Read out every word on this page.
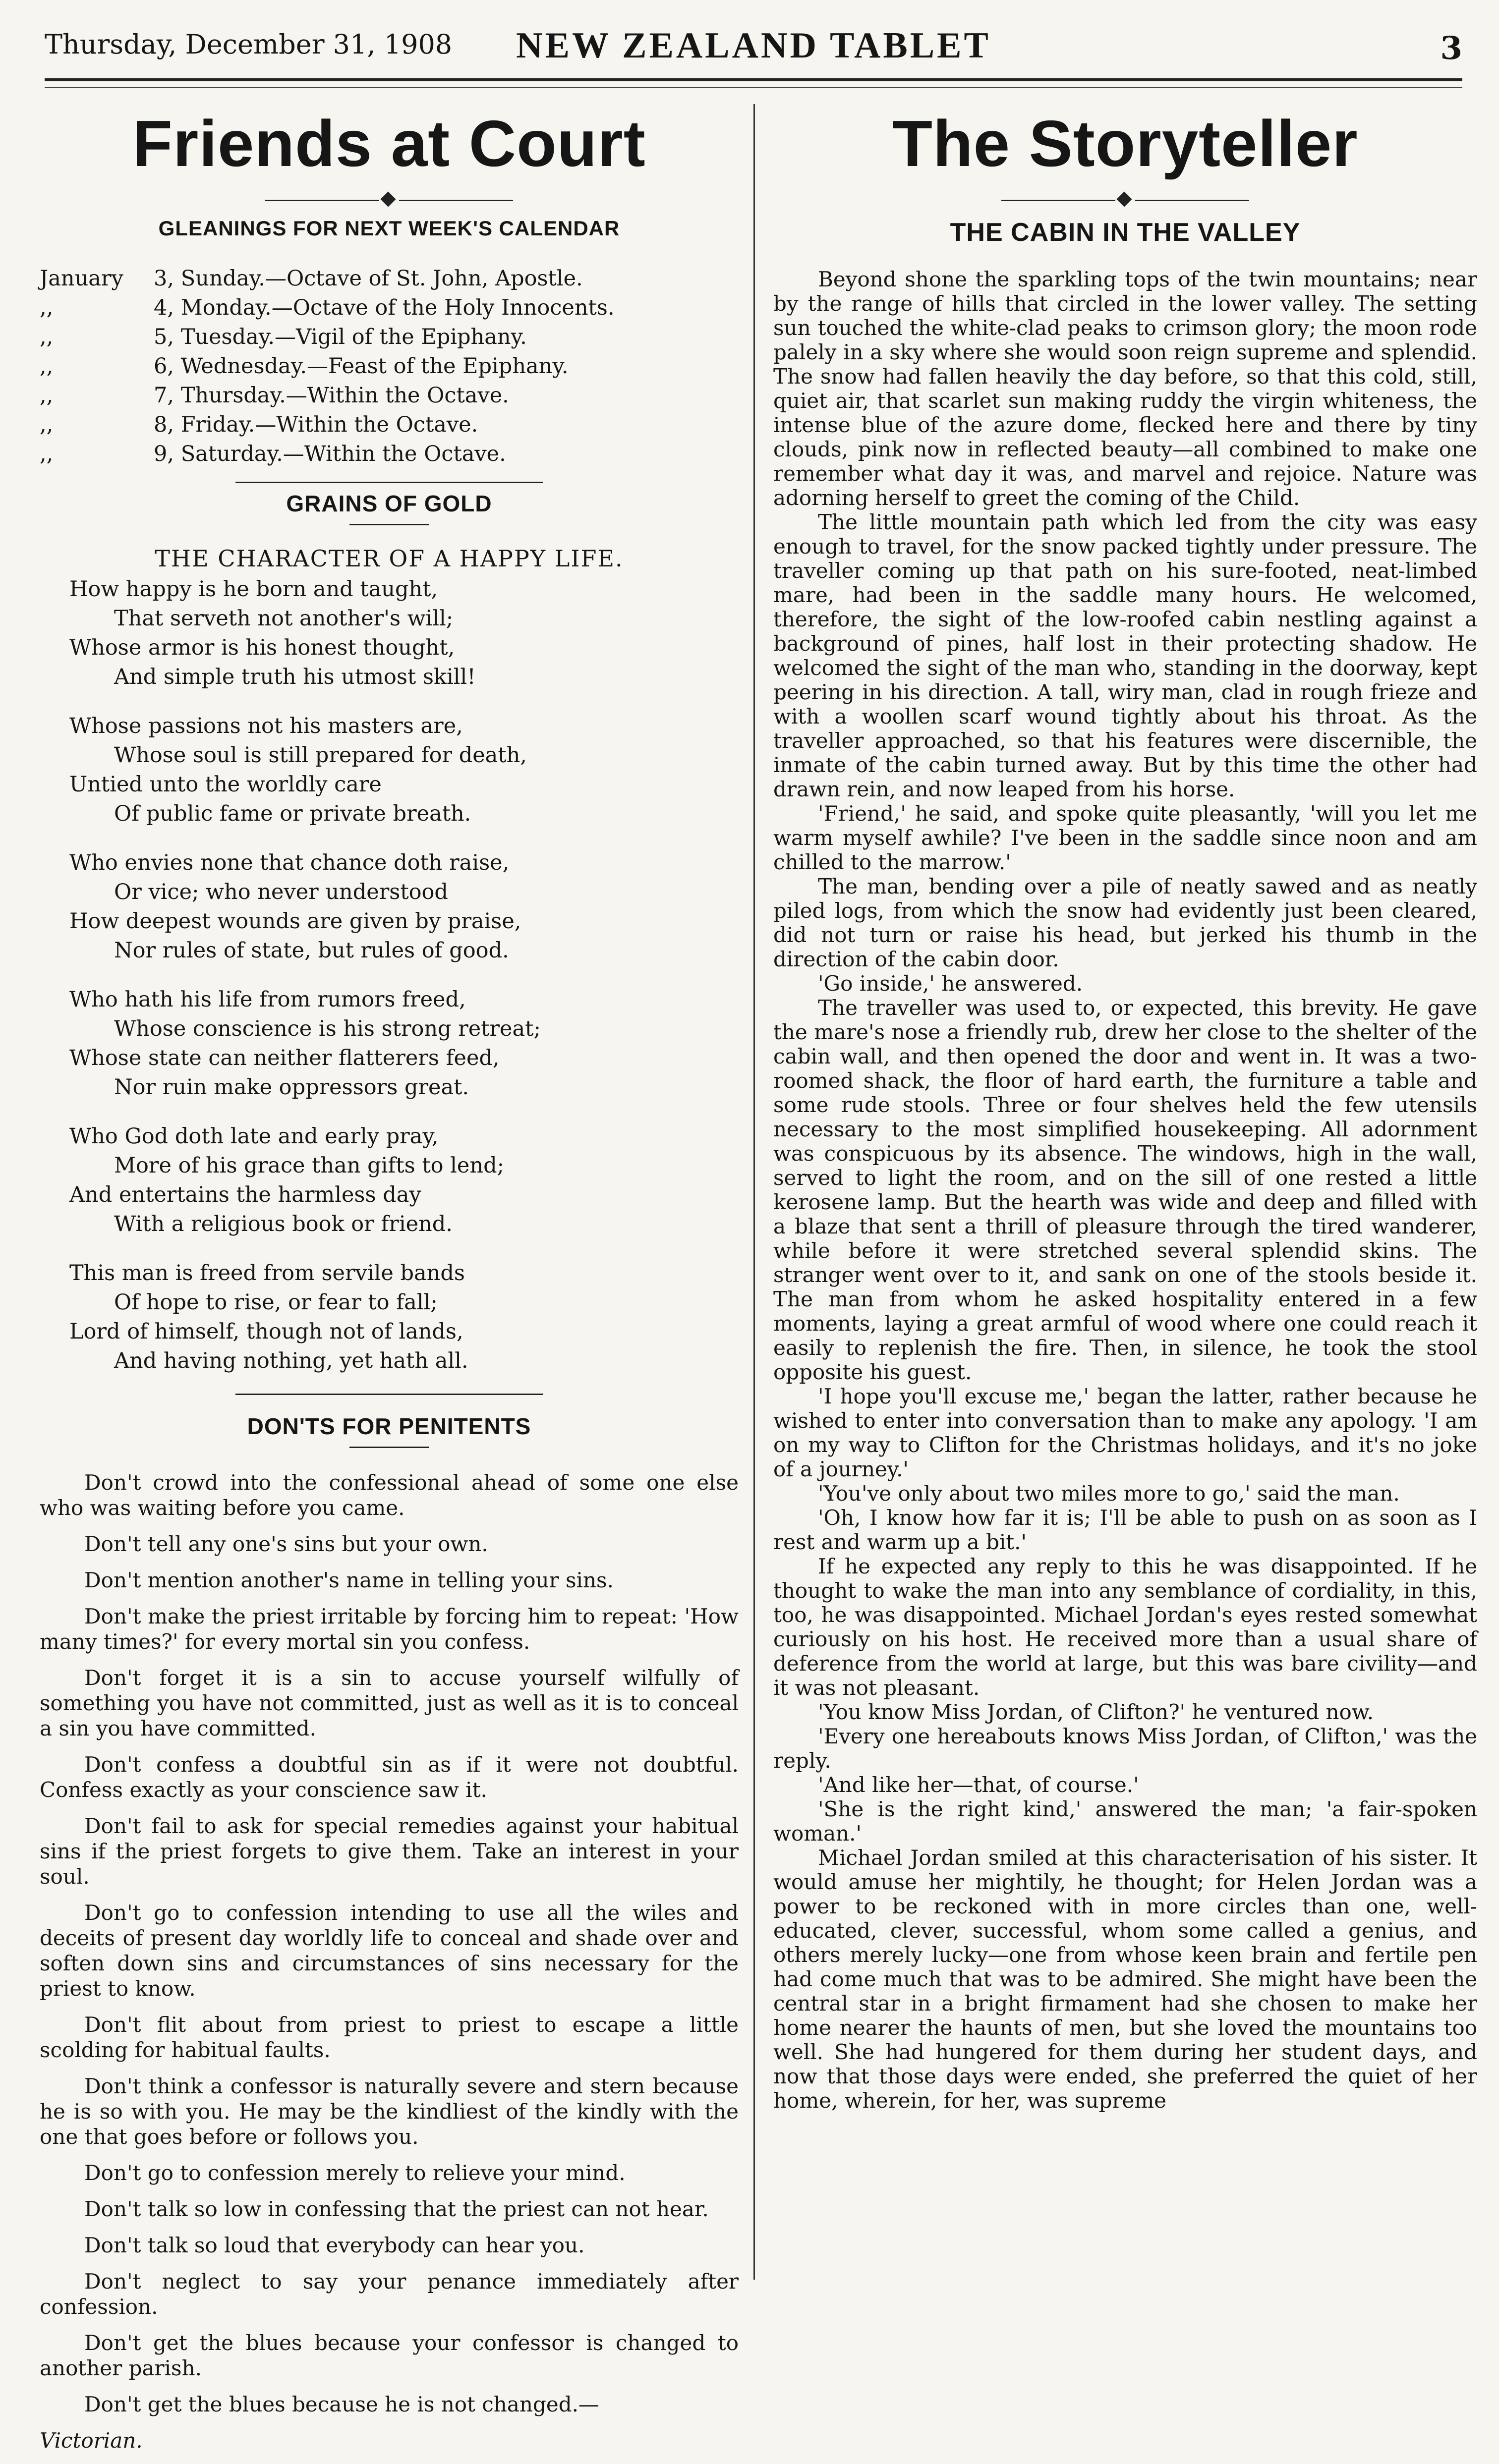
Thursday, December 31, 1908	NEW ZEALAND TABLET	3
Friends at Court
GLEANINGS FOR NEXT WEEK'S CALENDAR
January 3, Sunday.—Octave of St. John, Apostle.
,,	4, Monday.—Octave of the Holy Innocents.
,,	5, Tuesday.—Vigil of the Epiphany.
,,	6, Wednesday.—Feast of the Epiphany.
,,	7, Thursday.—Within the Octave.
,,	8, Friday.—Within the Octave.
,,	9, Saturday.—Within the Octave.
GRAINS OF GOLD
THE CHARACTER OF A HAPPY LIFE.
How happy is he born and taught,
That serveth not another's will;
Whose armor is his honest thought,
And simple truth his utmost skill!
Whose passions not his masters are,
Whose soul is still prepared for death,
Untied unto the worldly care
Of public fame or private breath.
Who envies none that chance doth raise,
Or vice; who never understood
How deepest wounds are given by praise,
Nor rules of state, but rules of good.
Who hath his life from rumors freed,
Whose conscience is his strong retreat;
Whose state can neither flatterers feed,
Nor ruin make oppressors great.
Who God doth late and early pray,
More of his grace than gifts to lend;
And entertains the harmless day
With a religious book or friend.
This man is freed from servile bands
Of hope to rise, or fear to fall;
Lord of himself, though not of lands,
And having nothing, yet hath all.
DON'TS FOR PENITENTS

Don't crowd into the confessional ahead of some one else who was waiting before you came.

Don't tell any one's sins but your own.

Don't mention another's name in telling your sins.

Don't make the priest irritable by forcing him to repeat: 'How many times?' for every mortal sin you confess.

Don't forget it is a sin to accuse yourself wilfully of something you have not committed, just as well as it is to conceal a sin you have committed.

Don't confess a doubtful sin as if it were not doubtful. Confess exactly as your conscience saw it.

Don't fail to ask for special remedies against your habitual sins if the priest forgets to give them. Take an interest in your soul.

Don't go to confession intending to use all the wiles and deceits of present day worldly life to conceal and shade over and soften down sins and circumstances of sins necessary for the priest to know.

Don't flit about from priest to priest to escape a little scolding for habitual faults.

Don't think a confessor is naturally severe and stern because he is so with you. He may be the kindliest of the kindly with the one that goes before or follows you.

Don't go to confession merely to relieve your mind.

Don't talk so low in confessing that the priest can not hear.

Don't talk so loud that everybody can hear you.

Don't neglect to say your penance immediately after confession.

Don't get the blues because your confessor is changed to another parish.

Don't get the blues because he is not changed.—

Victorian.

The Storyteller
THE CABIN IN THE VALLEY

Beyond shone the sparkling tops of the twin mountains; near by the range of hills that circled in the lower valley. The setting sun touched the white-clad peaks to crimson glory; the moon rode palely in a sky where she would soon reign supreme and splendid. The snow had fallen heavily the day before, so that this cold, still, quiet air, that scarlet sun making ruddy the virgin whiteness, the intense blue of the azure dome, flecked here and there by tiny clouds, pink now in reflected beauty—all combined to make one remember what day it was, and marvel and rejoice. Nature was adorning herself to greet the coming of the Child.

The little mountain path which led from the city was easy enough to travel, for the snow packed tightly under pressure. The traveller coming up that path on his sure-footed, neat-limbed mare, had been in the saddle many hours. He welcomed, therefore, the sight of the low-roofed cabin nestling against a background of pines, half lost in their protecting shadow. He welcomed the sight of the man who, standing in the doorway, kept peering in his direction. A tall, wiry man, clad in rough frieze and with a woollen scarf wound tightly about his throat. As the traveller approached, so that his features were discernible, the inmate of the cabin turned away. But by this time the other had drawn rein, and now leaped from his horse.

'Friend,' he said, and spoke quite pleasantly, 'will you let me warm myself awhile? I've been in the saddle since noon and am chilled to the marrow.'

The man, bending over a pile of neatly sawed and as neatly piled logs, from which the snow had evidently just been cleared, did not turn or raise his head, but jerked his thumb in the direction of the cabin door.

'Go inside,' he answered.

The traveller was used to, or expected, this brevity. He gave the mare's nose a friendly rub, drew her close to the shelter of the cabin wall, and then opened the door and went in. It was a two-roomed shack, the floor of hard earth, the furniture a table and some rude stools. Three or four shelves held the few utensils necessary to the most simplified housekeeping. All adornment was conspicuous by its absence. The windows, high in the wall, served to light the room, and on the sill of one rested a little kerosene lamp. But the hearth was wide and deep and filled with a blaze that sent a thrill of pleasure through the tired wanderer, while before it were stretched several splendid skins. The stranger went over to it, and sank on one of the stools beside it. The man from whom he asked hospitality entered in a few moments, laying a great armful of wood where one could reach it easily to replenish the fire. Then, in silence, he took the stool opposite his guest.

'I hope you'll excuse me,' began the latter, rather because he wished to enter into conversation than to make any apology. 'I am on my way to Clifton for the Christmas holidays, and it's no joke of a journey.'

'You've only about two miles more to go,' said the man.

'Oh, I know how far it is; I'll be able to push on as soon as I rest and warm up a bit.'

If he expected any reply to this he was disappointed. If he thought to wake the man into any semblance of cordiality, in this, too, he was disappointed. Michael Jordan's eyes rested somewhat curiously on his host. He received more than a usual share of deference from the world at large, but this was bare civility—and it was not pleasant.

'You know Miss Jordan, of Clifton?' he ventured now.

'Every one hereabouts knows Miss Jordan, of Clifton,' was the reply.

'And like her—that, of course.'

'She is the right kind,' answered the man; 'a fair-spoken woman.'

Michael Jordan smiled at this characterisation of his sister. It would amuse her mightily, he thought; for Helen Jordan was a power to be reckoned with in more circles than one, well-educated, clever, successful, whom some called a genius, and others merely lucky—one from whose keen brain and fertile pen had come much that was to be admired. She might have been the central star in a bright firmament had she chosen to make her home nearer the haunts of men, but she loved the mountains too well. She had hungered for them during her student days, and now that those days were ended, she preferred the quiet of her home, wherein, for her, was supreme
